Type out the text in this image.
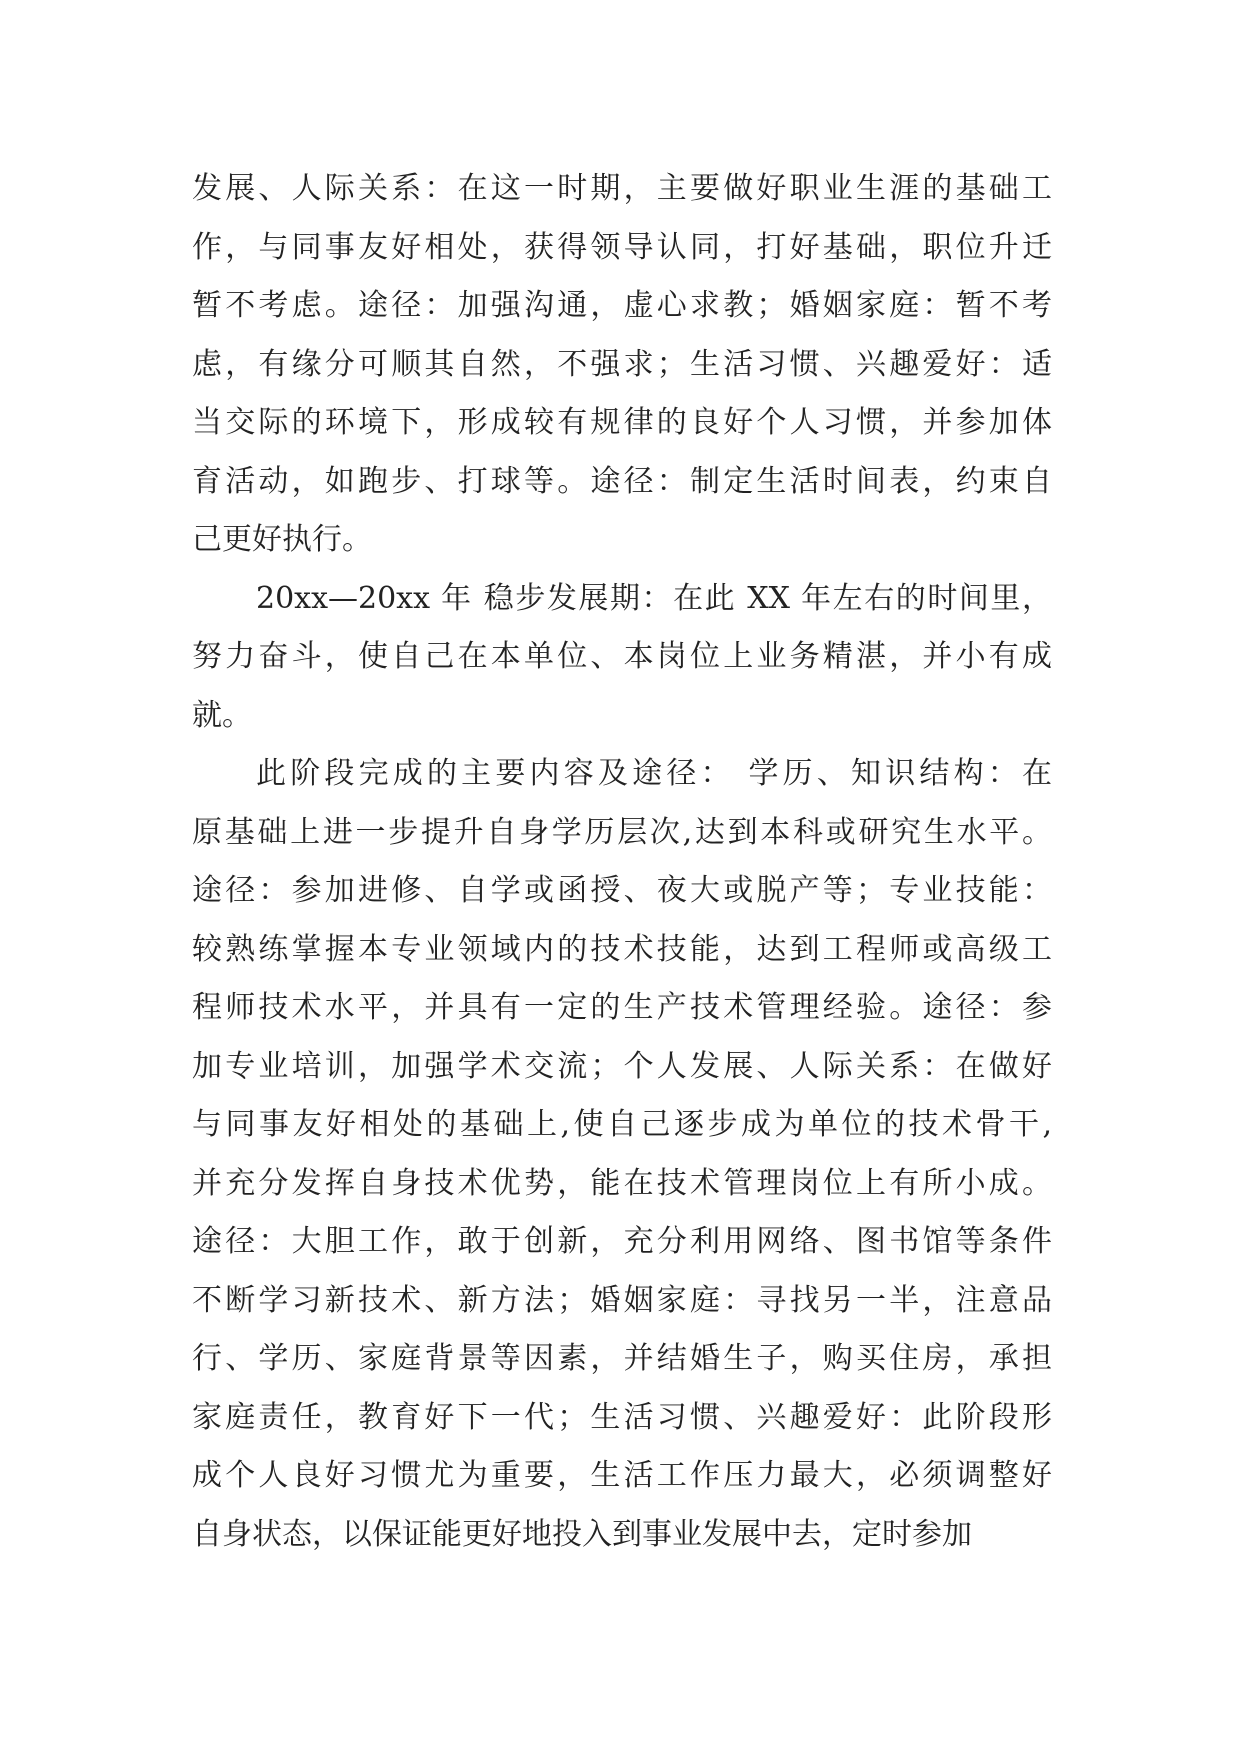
发展、人际关系：在这一时期，主要做好职业生涯的基础工
作，与同事友好相处，获得领导认同，打好基础，职位升迁
暂不考虑。途径：加强沟通，虚心求教；婚姻家庭：暂不考
虑，有缘分可顺其自然，不强求；生活习惯、兴趣爱好：适
当交际的环境下，形成较有规律的良好个人习惯，并参加体
育活动，如跑步、打球等。途径：制定生活时间表，约束自
己更好执行。
20xx—20xx 年 稳步发展期：在此 XX 年左右的时间里，
努力奋斗，使自己在本单位、本岗位上业务精湛，并小有成
就。
此阶段完成的主要内容及途径： 学历、知识结构：在
原基础上进一步提升自身学历层次,达到本科或研究生水平。
途径：参加进修、自学或函授、夜大或脱产等；专业技能：
较熟练掌握本专业领域内的技术技能，达到工程师或高级工
程师技术水平，并具有一定的生产技术管理经验。途径：参
加专业培训，加强学术交流；个人发展、人际关系：在做好
与同事友好相处的基础上,使自己逐步成为单位的技术骨干,
并充分发挥自身技术优势，能在技术管理岗位上有所小成。
途径：大胆工作，敢于创新，充分利用网络、图书馆等条件
不断学习新技术、新方法；婚姻家庭：寻找另一半，注意品
行、学历、家庭背景等因素，并结婚生子，购买住房，承担
家庭责任，教育好下一代；生活习惯、兴趣爱好：此阶段形
成个人良好习惯尤为重要，生活工作压力最大，必须调整好
自身状态，以保证能更好地投入到事业发展中去，定时参加
